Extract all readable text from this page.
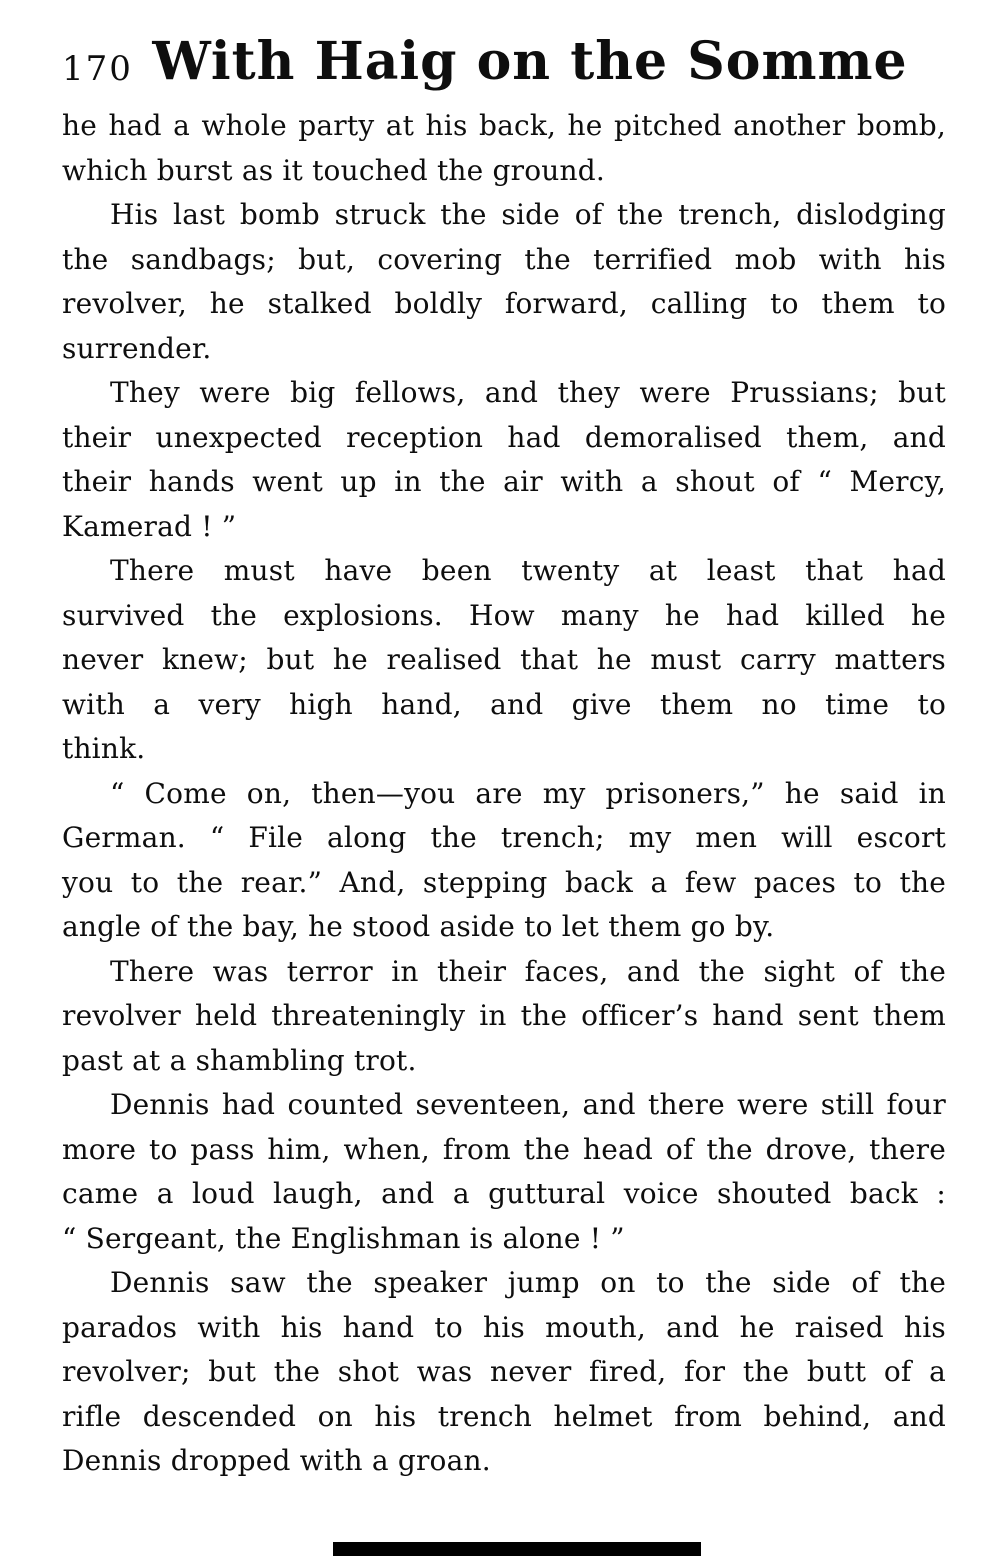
170 With Haig on the Somme
he had a whole party at his back, he pitched another bomb,
which burst as it touched the ground.
His last bomb struck the side of the trench, dislodging
the sandbags; but, covering the terrified mob with his
revolver, he stalked boldly forward, calling to them to
surrender.
They were big fellows, and they were Prussians; but
their unexpected reception had demoralised them, and
their hands went up in the air with a shout of “ Mercy,
Kamerad ! ”
There must have been twenty at least that had
survived the explosions. How many he had killed he
never knew; but he realised that he must carry matters
with a very high hand, and give them no time to
think.
“ Come on, then—you are my prisoners,” he said in
German. “ File along the trench; my men will escort
you to the rear.” And, stepping back a few paces to the
angle of the bay, he stood aside to let them go by.
There was terror in their faces, and the sight of the
revolver held threateningly in the officer’s hand sent them
past at a shambling trot.
Dennis had counted seventeen, and there were still four
more to pass him, when, from the head of the drove, there
came a loud laugh, and a guttural voice shouted back :
“ Sergeant, the Englishman is alone ! ”
Dennis saw the speaker jump on to the side of the
parados with his hand to his mouth, and he raised his
revolver; but the shot was never fired, for the butt of a
rifle descended on his trench helmet from behind, and
Dennis dropped with a groan.
